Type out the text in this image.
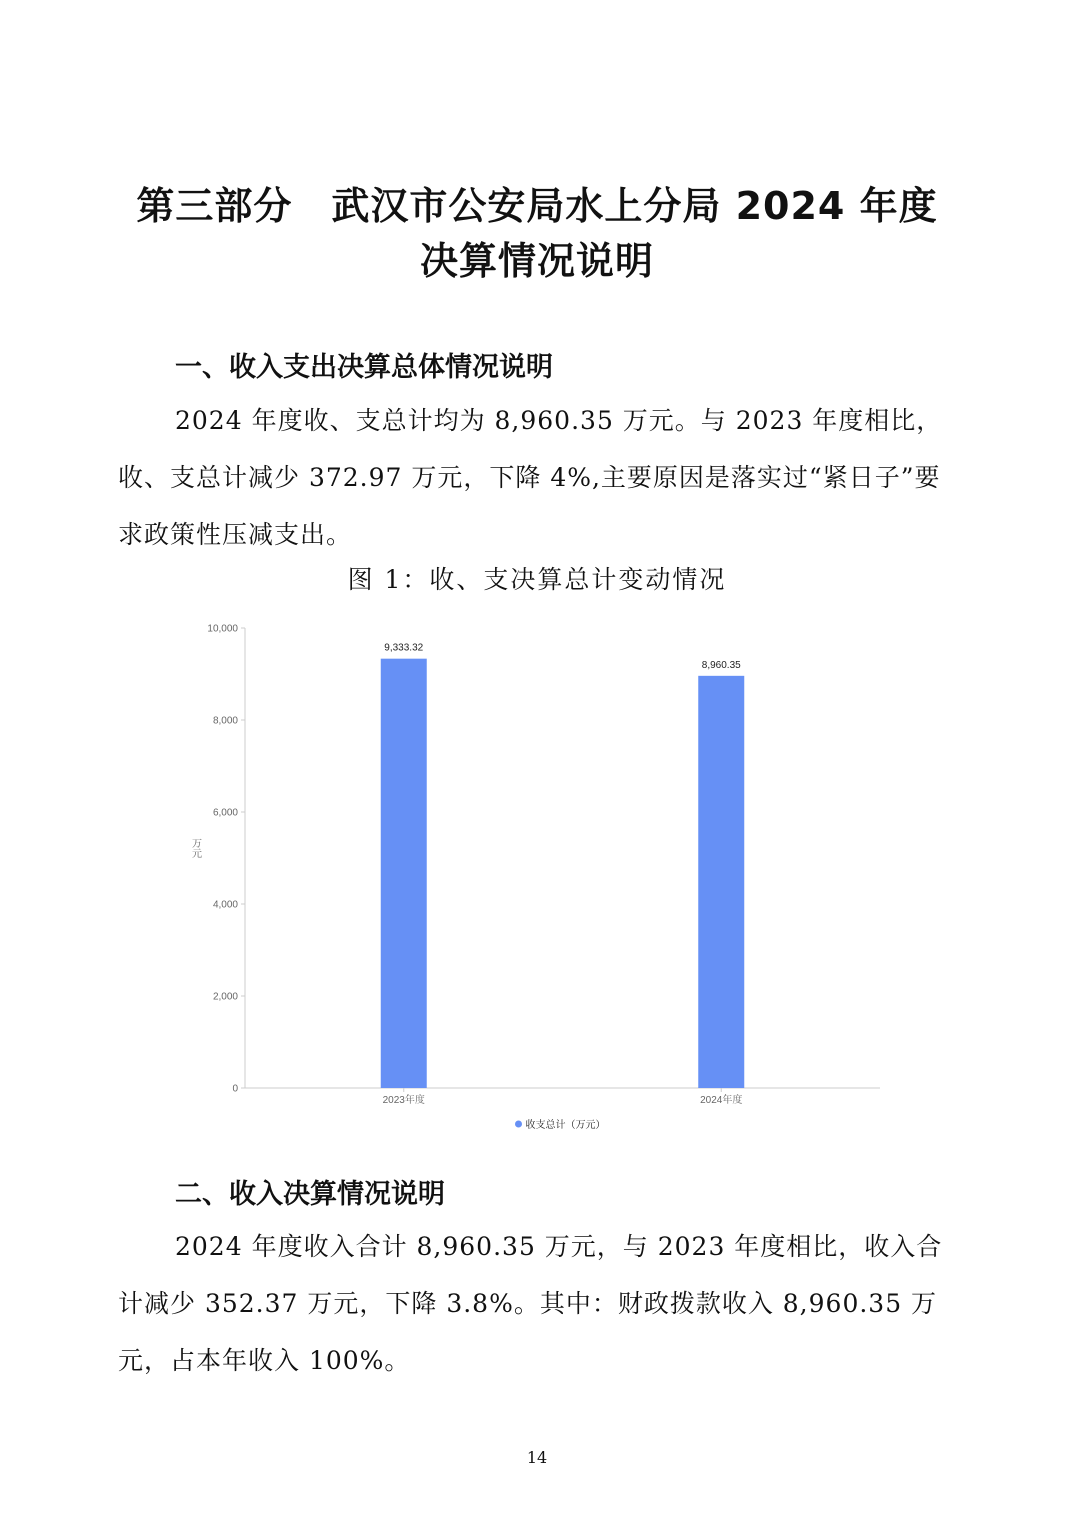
第三部分　武汉市公安局水上分局 2024 年度
决算情况说明
一、收入支出决算总体情况说明

2024 年度收、支总计均为 8,960.35 万元。与 2023 年度相比，收、支总计减少 372.97 万元，下降 4%,主要原因是落实过“紧日子”要求政策性压减支出。

图 1：收、支决算总计变动情况
0
2,000
4,000
6,000
8,000
10,000
9,333.32
8,960.35
2023年度	2024年度
万元
收支总计（万元）
二、收入决算情况说明

2024 年度收入合计 8,960.35 万元，与 2023 年度相比，收入合计减少 352.37 万元，下降 3.8%。其中：财政拨款收入 8,960.35 万元，占本年收入 100%。

14
